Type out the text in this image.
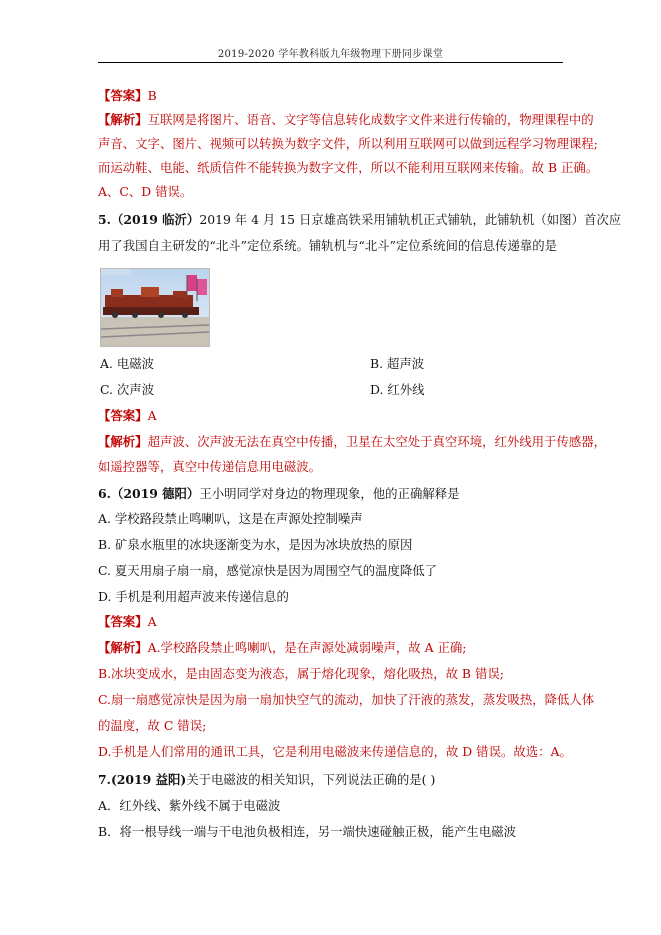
2019-2020 学年教科版九年级物理下册同步课堂
【答案】B
【解析】互联网是将图片、语音、文字等信息转化成数字文件来进行传输的，物理课程中的
声音、文字、图片、视频可以转换为数字文件，所以利用互联网可以做到远程学习物理课程;
而运动鞋、电能、纸质信件不能转换为数字文件，所以不能利用互联网来传输。故 B 正确。
A、C、D 错误。
5.（2019 临沂）2019 年 4 月 15 日京雄高铁采用铺轨机正式铺轨，此铺轨机（如图）首次应
用了我国自主研发的“北斗”定位系统。铺轨机与“北斗”定位系统间的信息传递靠的是
A. 电磁波	B. 超声波
C. 次声波	D. 红外线
【答案】A
【解析】超声波、次声波无法在真空中传播，卫星在太空处于真空环境，红外线用于传感器，
如遥控器等，真空中传递信息用电磁波。
6.（2019 德阳）王小明同学对身边的物理现象，他的正确解释是
A. 学校路段禁止鸣喇叭，这是在声源处控制噪声
B. 矿泉水瓶里的冰块逐渐变为水，是因为冰块放热的原因
C. 夏天用扇子扇一扇，感觉凉快是因为周围空气的温度降低了
D. 手机是利用超声波来传递信息的
【答案】A
【解析】A.学校路段禁止鸣喇叭，是在声源处减弱噪声，故 A 正确;
B.冰块变成水，是由固态变为液态，属于熔化现象，熔化吸热，故 B 错误;
C.扇一扇感觉凉快是因为扇一扇加快空气的流动，加快了汗液的蒸发，蒸发吸热，降低人体
的温度，故 C 错误;
D.手机是人们常用的通讯工具，它是利用电磁波来传递信息的，故 D 错误。故选：A。
7.(2019 益阳)关于电磁波的相关知识，下列说法正确的是( )
A．红外线、紫外线不属于电磁波
B．将一根导线一端与干电池负极相连，另一端快速碰触正极，能产生电磁波
